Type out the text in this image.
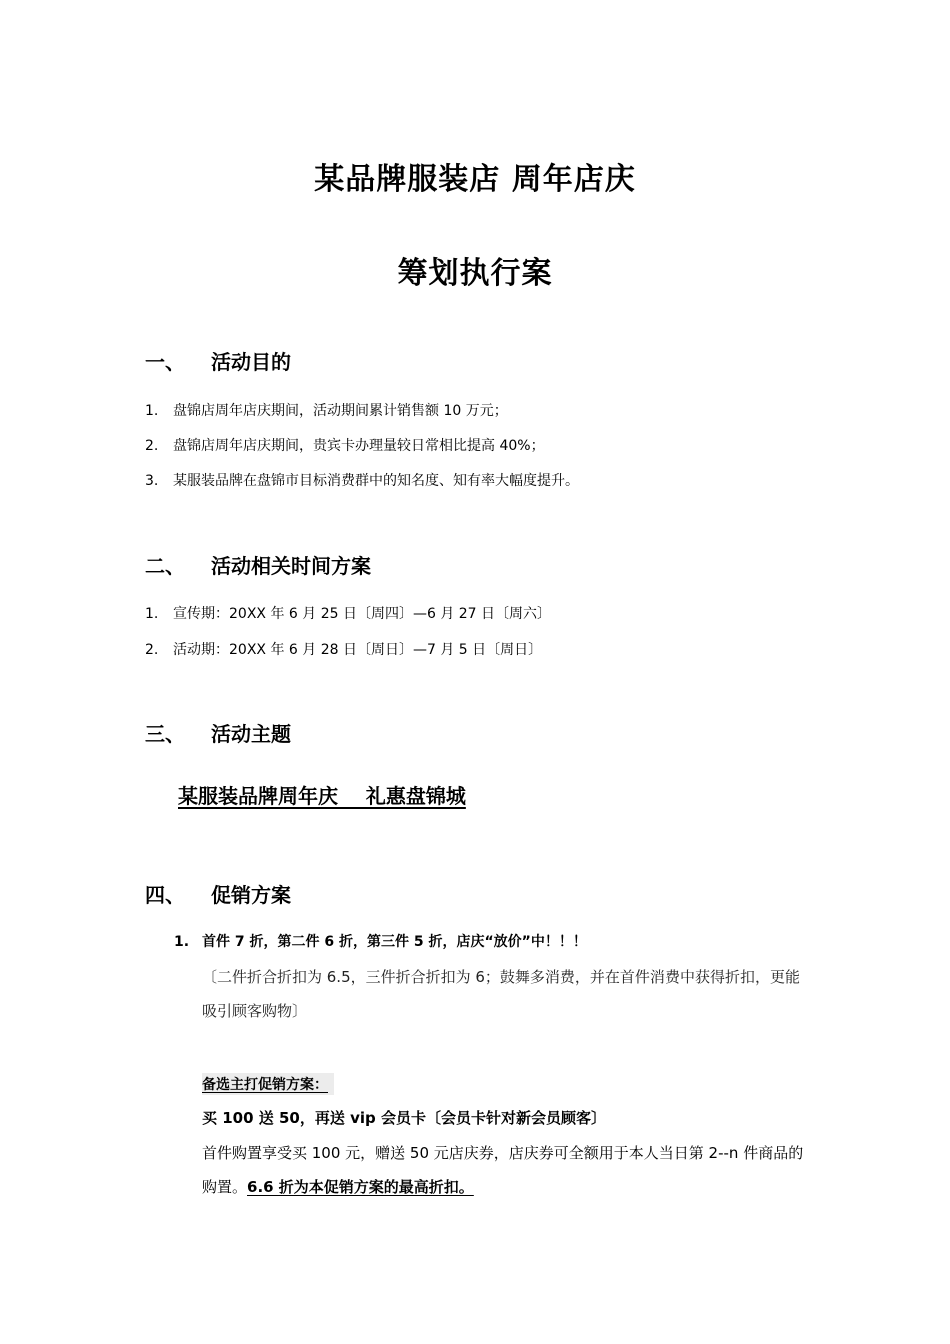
某品牌服装店 周年店庆
筹划执行案
一、 活动目的

1. 盘锦店周年店庆期间，活动期间累计销售额 10 万元；

2. 盘锦店周年店庆期间，贵宾卡办理量较日常相比提高 40%；

3. 某服装品牌在盘锦市目标消费群中的知名度、知有率大幅度提升。

二、 活动相关时间方案

1. 宣传期：20XX 年 6 月 25 日〔周四〕—6 月 27 日〔周六〕

2. 活动期：20XX 年 6 月 28 日〔周日〕—7 月 5 日〔周日〕

三、 活动主题

某服装品牌周年庆    礼惠盘锦城

四、 促销方案

1. 首件 7 折，第二件 6 折，第三件 5 折，店庆“放价”中！！！

〔二件折合折扣为 6.5，三件折合折扣为 6；鼓舞多消费，并在首件消费中获得折扣，更能吸引顾客购物〕

备选主打促销方案：

买 100 送 50，再送 vip 会员卡〔会员卡针对新会员顾客〕

首件购置享受买 100 元，赠送 50 元店庆券，店庆券可全额用于本人当日第 2--n 件商品的购置。6.6 折为本促销方案的最高折扣。
